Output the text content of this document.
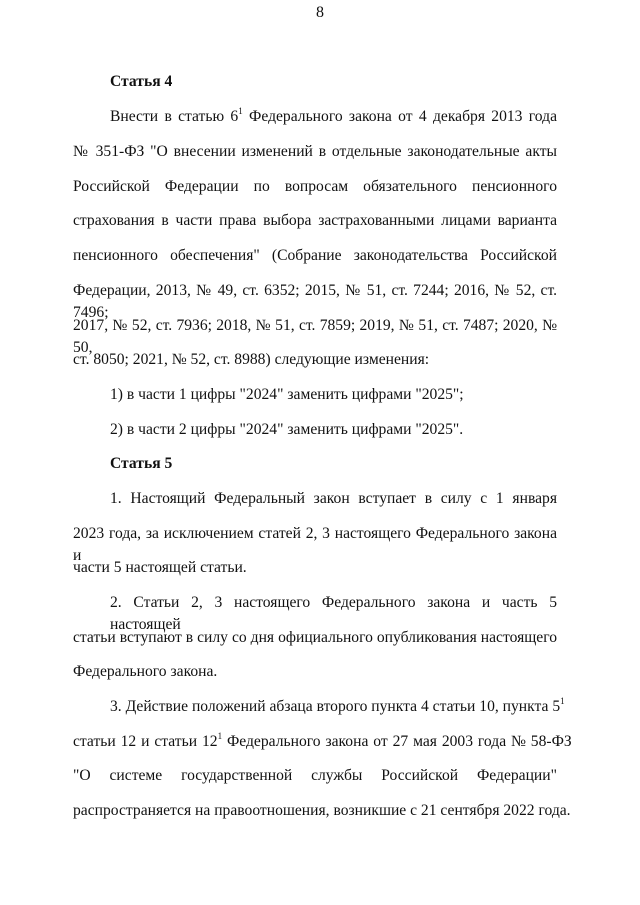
8
Статья 4
Внести в статью $6^1$ Федерального закона от 4 декабря 2013 года
№ 351-ФЗ "О внесении изменений в отдельные законодательные акты
Российской Федерации по вопросам обязательного пенсионного
страхования в части права выбора застрахованными лицами варианта
пенсионного обеспечения" (Собрание законодательства Российской
Федерации, 2013, № 49, ст. 6352; 2015, № 51, ст. 7244; 2016, № 52, ст. 7496;
2017, № 52, ст. 7936; 2018, № 51, ст. 7859; 2019, № 51, ст. 7487; 2020, № 50,
ст. 8050; 2021, № 52, ст. 8988) следующие изменения:
1) в части 1 цифры "2024" заменить цифрами "2025";
2) в части 2 цифры "2024" заменить цифрами "2025".
Статья 5
1. Настоящий Федеральный закон вступает в силу с 1 января
2023 года, за исключением статей 2, 3 настоящего Федерального закона и
части 5 настоящей статьи.
2. Статьи 2, 3 настоящего Федерального закона и часть 5 настоящей
статьи вступают в силу со дня официального опубликования настоящего
Федерального закона.
3. Действие положений абзаца второго пункта 4 статьи 10, пункта $5^1$
статьи 12 и статьи $12^1$ Федерального закона от 27 мая 2003 года № 58-ФЗ
"О системе государственной службы Российской Федерации"
распространяется на правоотношения, возникшие с 21 сентября 2022 года.
